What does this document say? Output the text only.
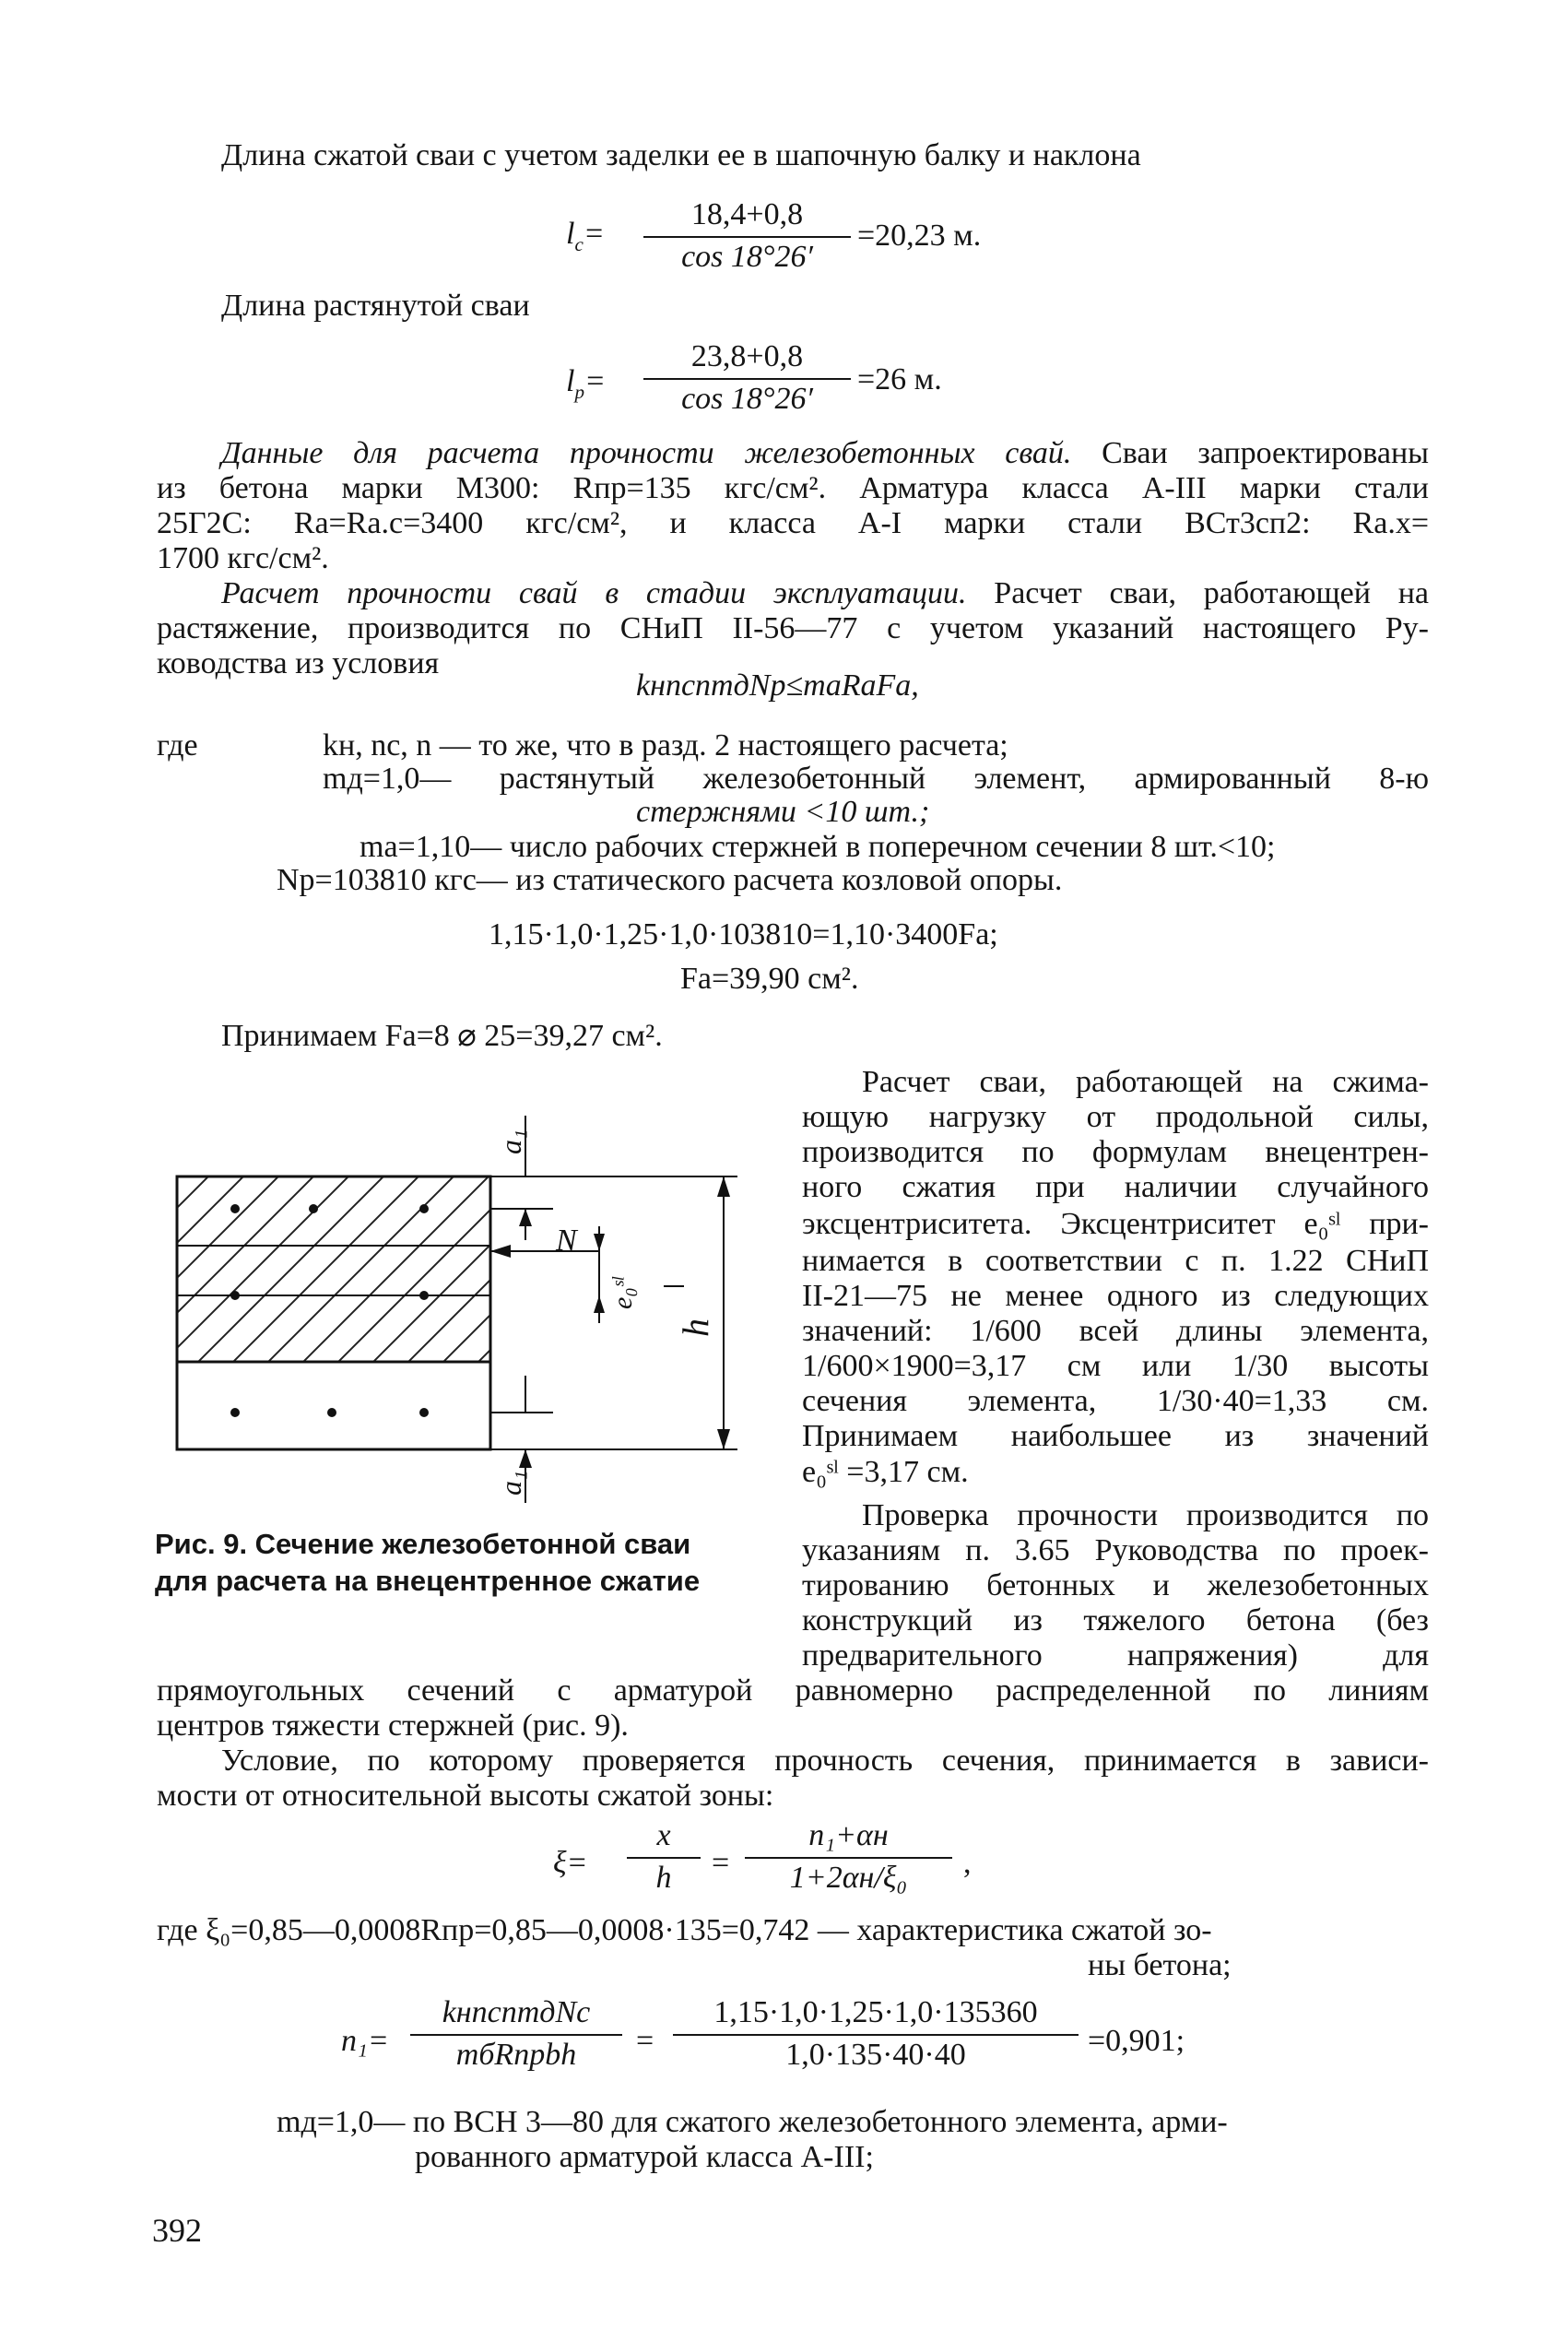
Длина сжатой сваи с учетом заделки ее в шапочную балку и наклона
$l_c=$
18,4+0,8
cos 18°26′
=20,23 м.
Длина растянутой сваи
$l_р=$
23,8+0,8
cos 18°26′
=26 м.
Данные для расчета прочности железобетонных свай. Сваи запроектированы
из бетона марки М300: Rпр=135 кгс/см². Арматура класса А-III марки стали
25Г2С: Rа=Rа.с=3400 кгс/см², и класса А-I марки стали ВСт3сп2: Rа.х=
1700 кгс/см².
Расчет прочности свай в стадии эксплуатации. Расчет сваи, работающей на
растяжение, производится по СНиП II-56—77 с учетом указаний настоящего Ру-
ководства из условия
kнnсnmдNр≤mаRаFа,
где	kн, nс, n — то же, что в разд. 2 настоящего расчета;
mд=1,0— растянутый железобетонный элемент, армированный 8-ю
стержнями <10 шт.;
mа=1,10— число рабочих стержней в поперечном сечении 8 шт.<10;
Nр=103810 кгс— из статического расчета козловой опоры.
1,15·1,0·1,25·1,0·103810=1,10·3400Fа;
Fа=39,90 см².
Принимаем Fа=8 ⌀ 25=39,27 см².
N
a₁
e₀ˢˡ
h
a₁
Рис. 9. Сечение железобетонной сваи
для расчета на внецентренное сжатие
Расчет сваи, работающей на сжима-
ющую нагрузку от продольной силы,
производится по формулам внецентрен-
ного сжатия при наличии случайного
эксцентриситета. Эксцентриситет e₀ˢˡ при-
нимается в соответствии с п. 1.22 СНиП
II-21—75 не менее одного из следующих
значений: 1/600 всей длины элемента,
1/600×1900=3,17 см или 1/30 высоты
сечения элемента, 1/30·40=1,33 см.
Принимаем наибольшее из значений
e₀ˢˡ =3,17 см.
Проверка прочности производится по
указаниям п. 3.65 Руководства по проек-
тированию бетонных и железобетонных
конструкций из тяжелого бетона (без
предварительного напряжения) для
прямоугольных сечений с арматурой равномерно распределенной по линиям
центров тяжести стержней (рис. 9).
Условие, по которому проверяется прочность сечения, принимается в зависи-
мости от относительной высоты сжатой зоны:
ξ=
x
h	=
n₁+αн
1+2αн/ξ₀	,
где ξ₀=0,85—0,0008Rпр=0,85—0,0008·135=0,742 — характеристика сжатой зо-
ны бетона;
n₁=
kнnсnmдNс
mбRпрbh	=
1,15·1,0·1,25·1,0·135360
1,0·135·40·40	=0,901;
mд=1,0— по ВСН 3—80 для сжатого железобетонного элемента, арми-
рованного арматурой класса А-III;
392
